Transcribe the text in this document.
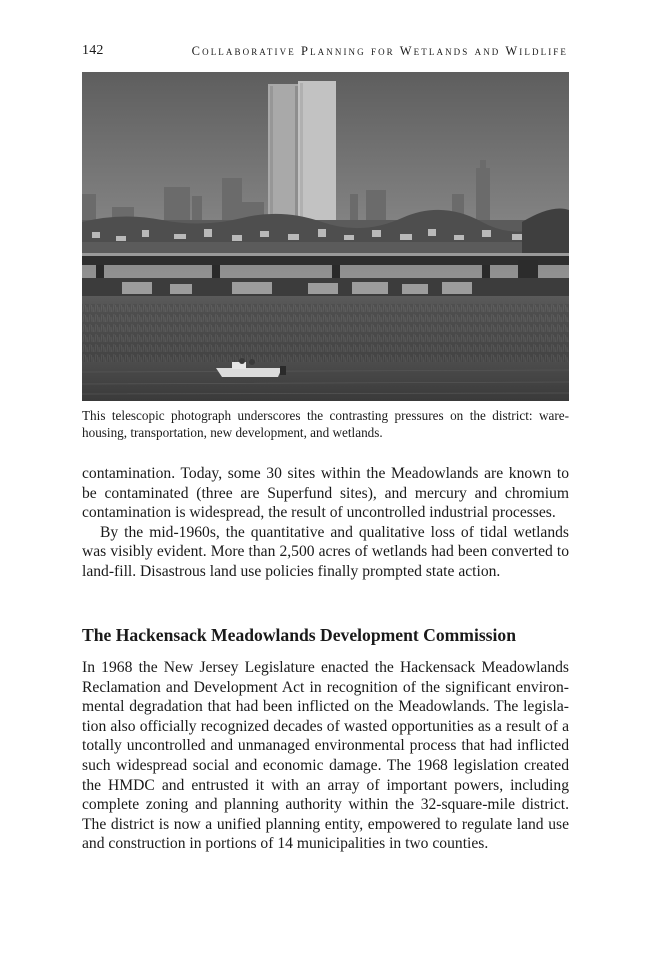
142	Collaborative Planning for Wetlands and Wildlife
This telescopic photograph underscores the contrasting pressures on the district: ware-housing, transportation, new development, and wetlands.

contamination. Today, some 30 sites within the Meadowlands are known to be contaminated (three are Superfund sites), and mercury and chromium contamination is widespread, the result of uncontrolled industrial processes.

By the mid-1960s, the quantitative and qualitative loss of tidal wetlands was visibly evident. More than 2,500 acres of wetlands had been converted to land-fill. Disastrous land use policies finally prompted state action.

The Hackensack Meadowlands Development Commission

In 1968 the New Jersey Legislature enacted the Hackensack Meadowlands Reclamation and Development Act in recognition of the significant environ-mental degradation that had been inflicted on the Meadowlands. The legisla-tion also officially recognized decades of wasted opportunities as a result of a totally uncontrolled and unmanaged environmental process that had inflicted such widespread social and economic damage. The 1968 legislation created the HMDC and entrusted it with an array of important powers, including complete zoning and planning authority within the 32-square-mile district. The district is now a unified planning entity, empowered to regulate land use and construction in portions of 14 municipalities in two counties.
